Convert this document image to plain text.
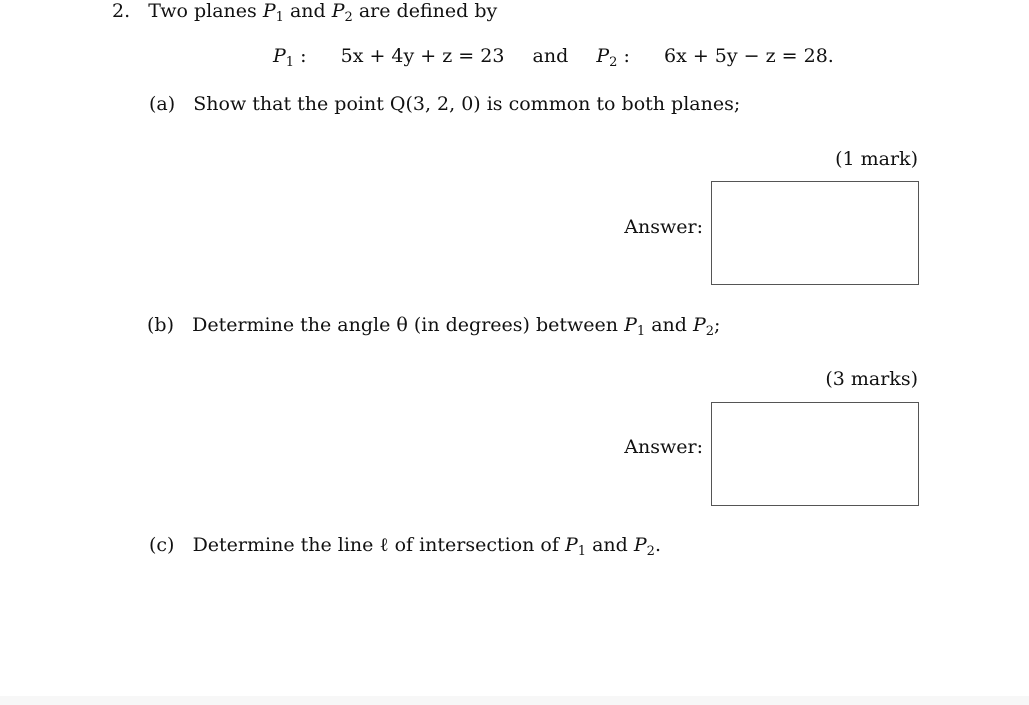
2. Two planes $P_1$ and $P_2$ are defined by
$P_1$ : 5x + 4y + z = 23 and $P_2$ : 6x + 5y − z = 28.
(a) Show that the point Q(3, 2, 0) is common to both planes;
(1 mark)
Answer:
(b) Determine the angle θ (in degrees) between $P_1$ and $P_2$;
(3 marks)
Answer:
(c) Determine the line ℓ of intersection of $P_1$ and $P_2$.
